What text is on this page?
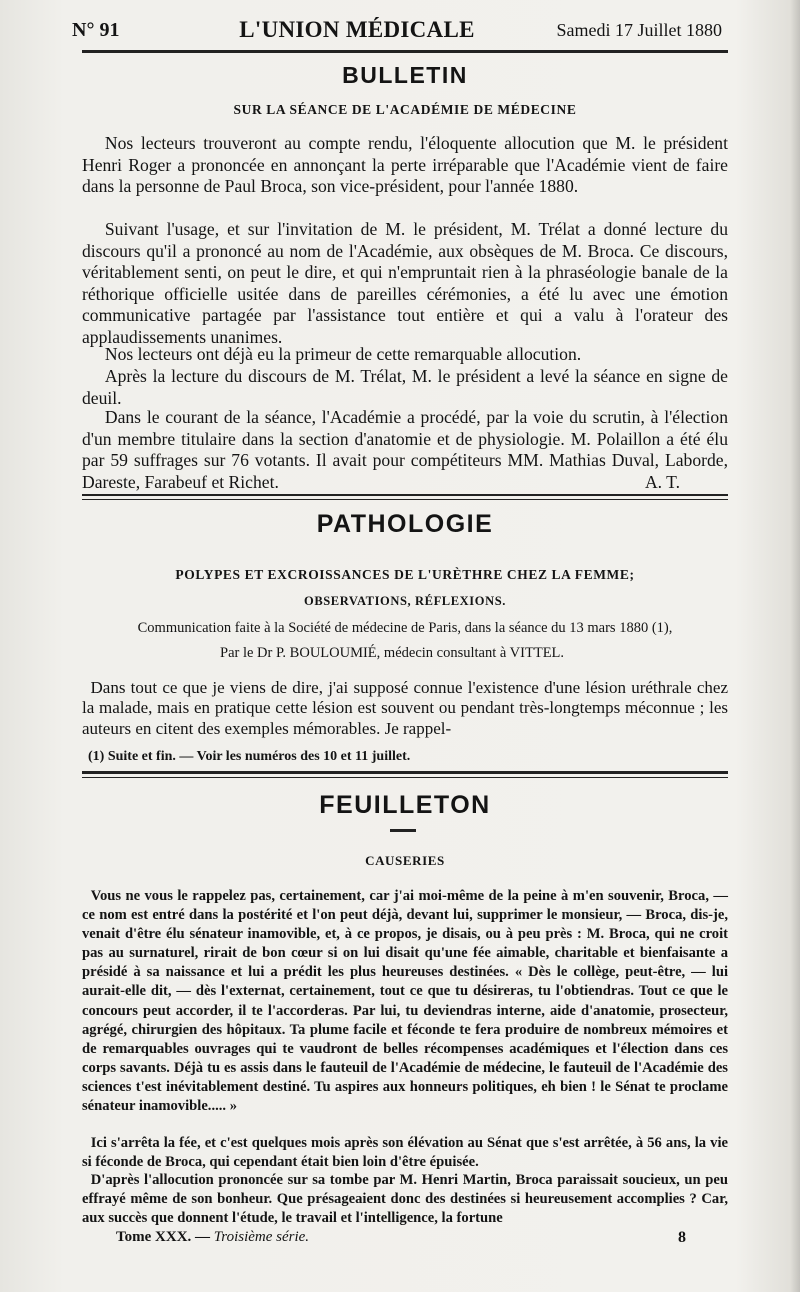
N° 91	L'UNION MÉDICALE	Samedi 17 Juillet 1880
BULLETIN
SUR LA SÉANCE DE L'ACADÉMIE DE MÉDECINE
Nos lecteurs trouveront au compte rendu, l'éloquente allocution que M. le président Henri Roger a prononcée en annonçant la perte irréparable que l'Académie vient de faire dans la personne de Paul Broca, son vice-président, pour l'année 1880.
Suivant l'usage, et sur l'invitation de M. le président, M. Trélat a donné lecture du discours qu'il a prononcé au nom de l'Académie, aux obsèques de M. Broca. Ce discours, véritablement senti, on peut le dire, et qui n'empruntait rien à la phraséologie banale de la réthorique officielle usitée dans de pareilles cérémonies, a été lu avec une émotion communicative partagée par l'assistance tout entière et qui a valu à l'orateur des applaudissements unanimes.
Nos lecteurs ont déjà eu la primeur de cette remarquable allocution.
Après la lecture du discours de M. Trélat, M. le président a levé la séance en signe de deuil.
Dans le courant de la séance, l'Académie a procédé, par la voie du scrutin, à l'élection d'un membre titulaire dans la section d'anatomie et de physiologie. M. Polaillon a été élu par 59 suffrages sur 76 votants. Il avait pour compétiteurs MM. Mathias Duval, Laborde, Dareste, Farabeuf et Richet.	A. T.
PATHOLOGIE
POLYPES ET EXCROISSANCES DE L'URÈTHRE CHEZ LA FEMME;
OBSERVATIONS, RÉFLEXIONS.
Communication faite à la Société de médecine de Paris, dans la séance du 13 mars 1880 (1),
Par le Dr P. BOULOUMIÉ, médecin consultant à VITTEL.
Dans tout ce que je viens de dire, j'ai supposé connue l'existence d'une lésion uréthrale chez la malade, mais en pratique cette lésion est souvent ou pendant très-longtemps méconnue ; les auteurs en citent des exemples mémorables. Je rappel-
(1) Suite et fin. — Voir les numéros des 10 et 11 juillet.
FEUILLETON
CAUSERIES
Vous ne vous le rappelez pas, certainement, car j'ai moi-même de la peine à m'en souvenir, Broca, — ce nom est entré dans la postérité et l'on peut déjà, devant lui, supprimer le monsieur, — Broca, dis-je, venait d'être élu sénateur inamovible, et, à ce propos, je disais, ou à peu près : M. Broca, qui ne croit pas au surnaturel, rirait de bon cœur si on lui disait qu'une fée aimable, charitable et bienfaisante a présidé à sa naissance et lui a prédit les plus heureuses destinées. « Dès le collège, peut-être, — lui aurait-elle dit, — dès l'externat, certainement, tout ce que tu désireras, tu l'obtiendras. Tout ce que le concours peut accorder, il te l'accorderas. Par lui, tu deviendras interne, aide d'anatomie, prosecteur, agrégé, chirurgien des hôpitaux. Ta plume facile et féconde te fera produire de nombreux mémoires et de remarquables ouvrages qui te vaudront de belles récompenses académiques et l'élection dans ces corps savants. Déjà tu es assis dans le fauteuil de l'Académie de médecine, le fauteuil de l'Académie des sciences t'est inévitablement destiné. Tu aspires aux honneurs politiques, eh bien ! le Sénat te proclame sénateur inamovible..... »
Ici s'arrêta la fée, et c'est quelques mois après son élévation au Sénat que s'est arrêtée, à 56 ans, la vie si féconde de Broca, qui cependant était bien loin d'être épuisée.
D'après l'allocution prononcée sur sa tombe par M. Henri Martin, Broca paraissait soucieux, un peu effrayé même de son bonheur. Que présageaient donc des destinées si heureusement accomplies ? Car, aux succès que donnent l'étude, le travail et l'intelligence, la fortune
Tome XXX. — Troisième série.	8
